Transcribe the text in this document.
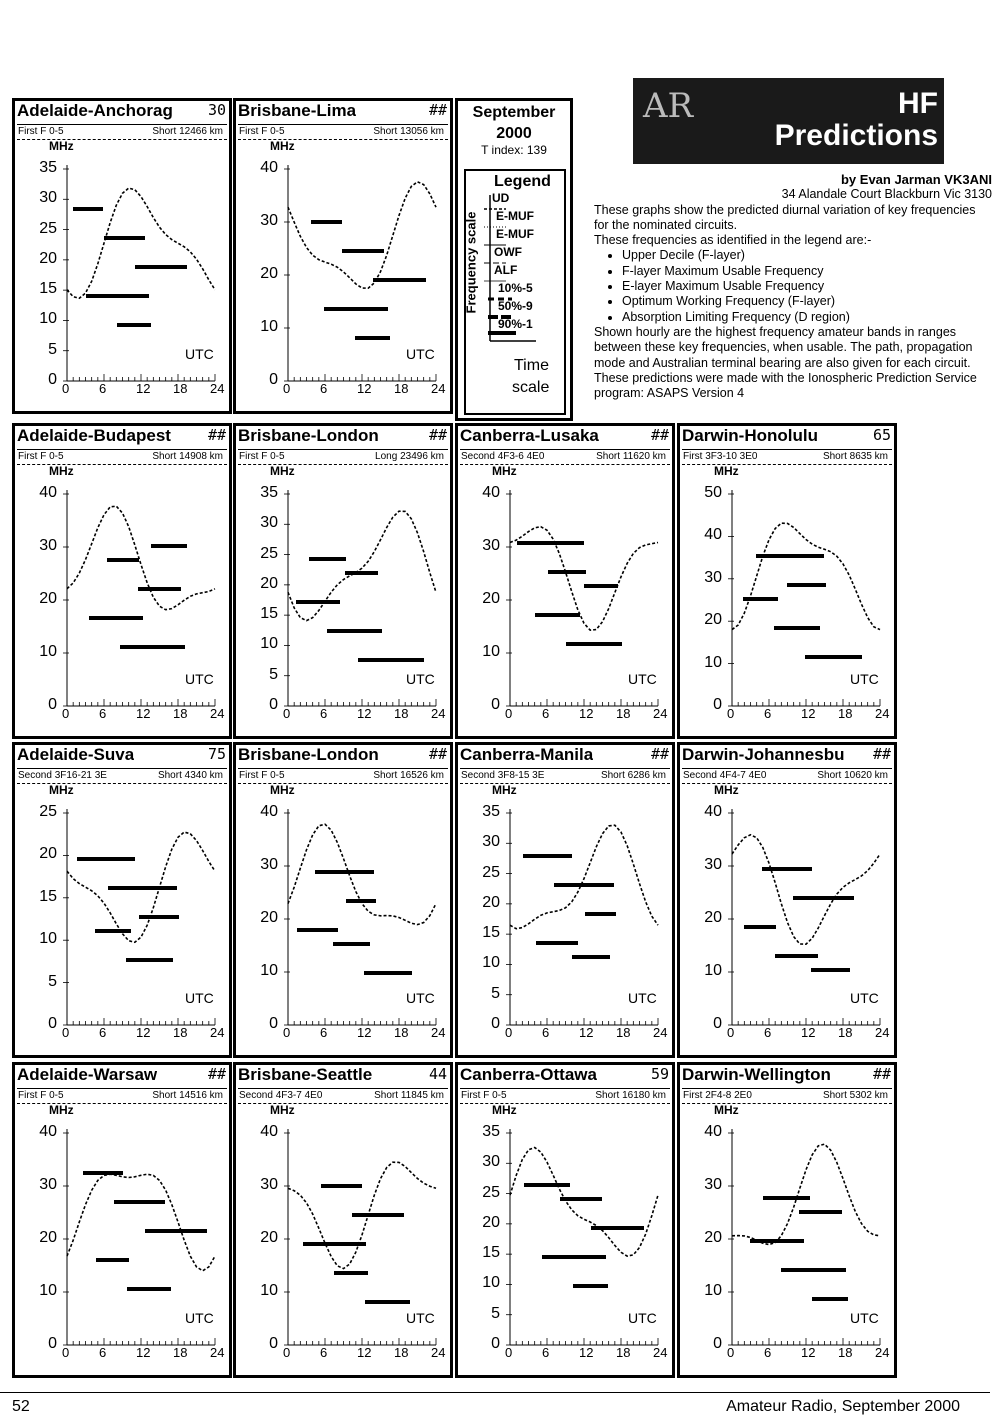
AR	HF
Predictions
by Evan Jarman VK3ANI
34 Alandale Court Blackburn Vic 3130
These graphs show the predicted diurnal variation of key frequencies for the nominated circuits.
These frequencies as identified in the legend are:-
• Upper Decile (F-layer)
• F-layer Maximum Usable Frequency
• E-layer Maximum Usable Frequency
• Optimum Working Frequency (F-layer)
• Absorption Limiting Frequency (D region)
Shown hourly are the highest frequency amateur bands in ranges between these key frequencies, when usable. The path, propagation mode and Australian terminal bearing are also given for each circuit.
These predictions were made with the Ionospheric Prediction Service program: ASAPS Version 4
September
2000
T index: 139
Legend
Frequency scale
UD
E-MUF
E-MUF
OWF
ALF
10%-5
50%-9
90%-1
Time
scale
Adelaide-Anchorag 30
First F 0-5	Short 12466 km
MHz
35
30
25
20
15
10
5
0
0 6 12 18 24
UTC
Brisbane-Lima	##
First F 0-5	Short 13056 km
MHz
40
30
20
10
0
0 6 12 18 24
UTC
Adelaide-Budapest ##
First F 0-5	Short 14908 km
MHz
40
30
20
10
0
0 6 12 18 24
UTC
Brisbane-London	##
First F 0-5	Long 23496 km
MHz
35
30
25
20
15
10
5
0
0 6 12 18 24
UTC
Canberra-Lusaka	##
Second 4F3-6 4E0	Short 11620 km
MHz
40
30
20
10
0
0 6 12 18 24
UTC
Darwin-Honolulu	65
First 3F3-10 3E0	Short 8635 km
MHz
50
40
30
20
10
0
0 6 12 18 24
UTC
Adelaide-Suva	75
Second 3F16-21 3E	Short 4340 km
MHz
25
20
15
10
5
0
0 6 12 18 24
UTC
Brisbane-London	##
First F 0-5	Short 16526 km
MHz
40
30
20
10
0
0 6 12 18 24
UTC
Canberra-Manila	##
Second 3F8-15 3E	Short 6286 km
MHz
35
30
25
20
15
10
5
0
0 6 12 18 24
UTC
Darwin-Johannesbu ##
Second 4F4-7 4E0	Short 10620 km
MHz
40
30
20
10
0
0 6 12 18 24
UTC
Adelaide-Warsaw	##
First F 0-5	Short 14516 km
MHz
40
30
20
10
0
0 6 12 18 24
UTC
Brisbane-Seattle	44
Second 4F3-7 4E0	Short 11845 km
MHz
40
30
20
10
0
0 6 12 18 24
UTC
Canberra-Ottawa	59
First F 0-5	Short 16180 km
MHz
35
30
25
20
15
10
5
0
0 6 12 18 24
UTC
Darwin-Wellington	##
First 2F4-8 2E0	Short 5302 km
MHz
40
30
20
10
0
0 6 12 18 24
UTC
52	Amateur Radio, September 2000
